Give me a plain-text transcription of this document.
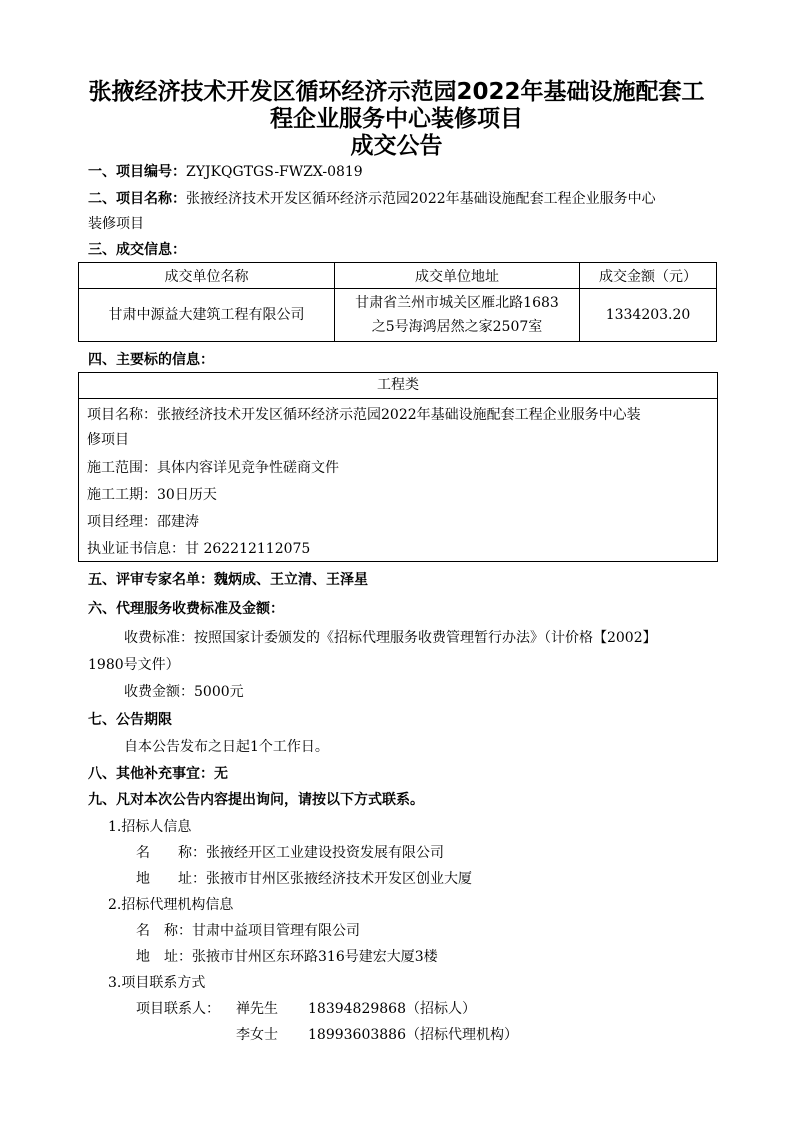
张掖经济技术开发区循环经济示范园2022年基础设施配套工
程企业服务中心装修项目
成交公告
一、项目编号：ZYJKQGTGS-FWZX-0819
二、项目名称：张掖经济技术开发区循环经济示范园2022年基础设施配套工程企业服务中心
装修项目
三、成交信息：
成交单位名称	成交单位地址	成交金额（元）
甘肃中源益大建筑工程有限公司	甘肃省兰州市城关区雁北路1683
之5号海鸿居然之家2507室	1334203.20
四、主要标的信息：
工程类
项目名称：张掖经济技术开发区循环经济示范园2022年基础设施配套工程企业服务中心装
修项目
施工范围：具体内容详见竞争性磋商文件
施工工期：30日历天
项目经理：邵建涛
执业证书信息：甘 262212112075
五、评审专家名单：魏炳成、王立清、王泽星
六、代理服务收费标准及金额：
收费标准：按照国家计委颁发的《招标代理服务收费管理暂行办法》（计价格【2002】
1980号文件）
收费金额：5000元
七、公告期限
自本公告发布之日起1个工作日。
八、其他补充事宜：无
九、凡对本次公告内容提出询问，请按以下方式联系。
1.招标人信息
名　　称：张掖经开区工业建设投资发展有限公司
地　　址：张掖市甘州区张掖经济技术开发区创业大厦
2.招标代理机构信息
名　称：甘肃中益项目管理有限公司
地　址：张掖市甘州区东环路316号建宏大厦3楼
3.项目联系方式
项目联系人： 禅先生 18394829868（招标人）
李女士 18993603886（招标代理机构）
